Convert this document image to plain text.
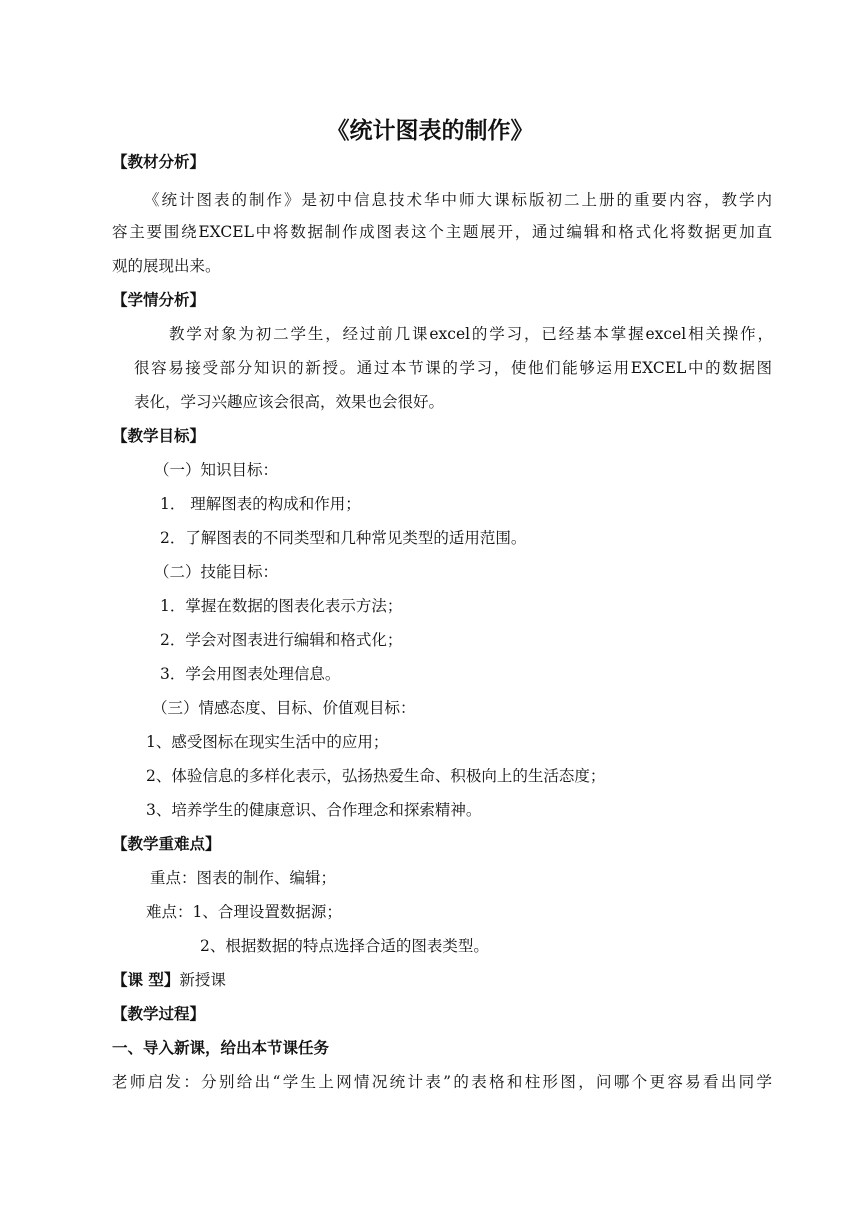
《统计图表的制作》
【教材分析】
《统计图表的制作》是初中信息技术华中师大课标版初二上册的重要内容，教学内
容主要围绕EXCEL中将数据制作成图表这个主题展开，通过编辑和格式化将数据更加直
观的展现出来。
【学情分析】
教学对象为初二学生，经过前几课excel的学习，已经基本掌握excel相关操作，
很容易接受部分知识的新授。通过本节课的学习，使他们能够运用EXCEL中的数据图
表化，学习兴趣应该会很高，效果也会很好。
【教学目标】
（一）知识目标：
1． 理解图表的构成和作用；
2．了解图表的不同类型和几种常见类型的适用范围。
（二）技能目标：
1．掌握在数据的图表化表示方法；
2．学会对图表进行编辑和格式化；
3．学会用图表处理信息。
（三）情感态度、目标、价值观目标：
1、感受图标在现实生活中的应用；
2、体验信息的多样化表示，弘扬热爱生命、积极向上的生活态度；
3、培养学生的健康意识、合作理念和探索精神。
【教学重难点】
重点：图表的制作、编辑；
难点：1、合理设置数据源；
2、根据数据的特点选择合适的图表类型。
【课 型】新授课
【教学过程】
一、导入新课，给出本节课任务
老师启发：分别给出“学生上网情况统计表”的表格和柱形图，问哪个更容易看出同学
